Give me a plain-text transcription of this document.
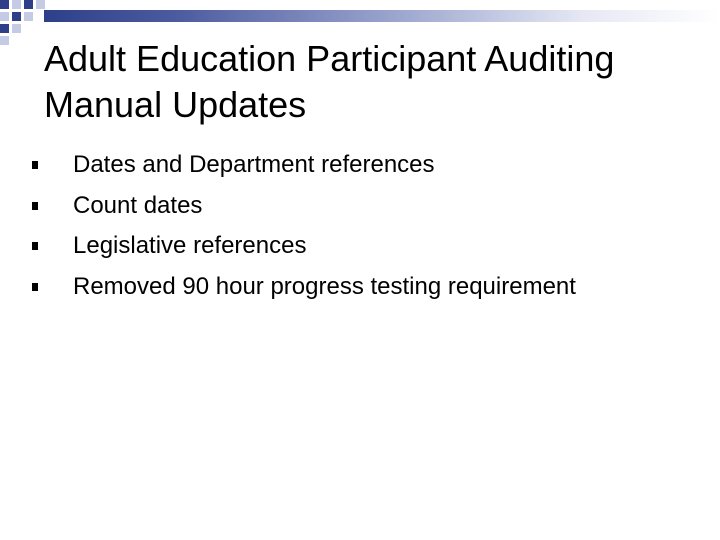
Adult Education Participant Auditing Manual Updates
Dates and Department references
Count dates
Legislative references
Removed 90 hour progress testing requirement
